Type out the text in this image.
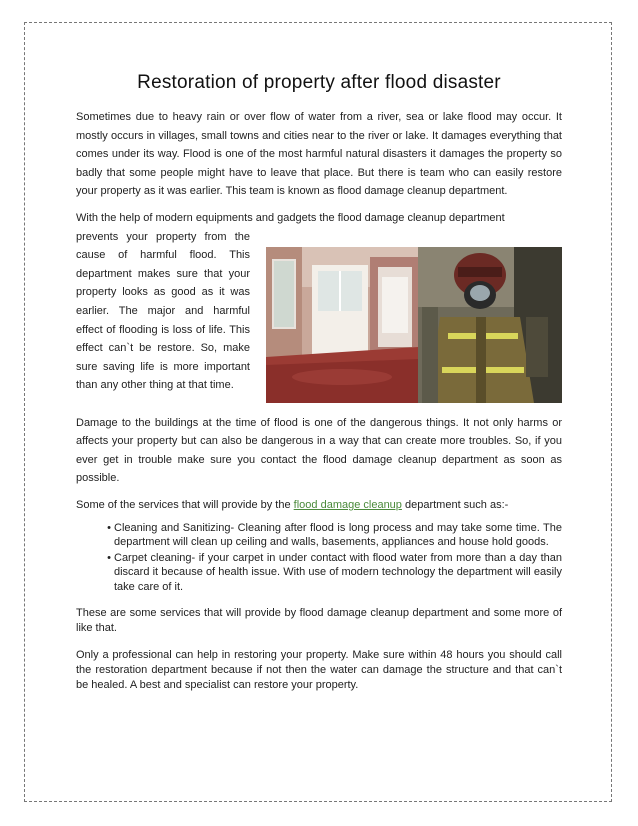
Restoration of property after flood disaster

Sometimes due to heavy rain or over flow of water from a river, sea or lake flood may occur. It mostly occurs in villages, small towns and cities near to the river or lake. It damages everything that comes under its way. Flood is one of the most harmful natural disasters it damages the property so badly that some people might have to leave that place. But there is team who can easily restore your property as it was earlier. This team is known as flood damage cleanup department.

With the help of modern equipments and gadgets the flood damage cleanup department

prevents your property from the cause of harmful flood. This department makes sure that your property looks as good as it was earlier. The major and harmful effect of flooding is loss of life. This effect can`t be restore. So, make sure saving life is more important than any other thing at that time.

Damage to the buildings at the time of flood is one of the dangerous things. It not only harms or affects your property but can also be dangerous in a way that can create more troubles. So, if you ever get in trouble make sure you contact the flood damage cleanup department as soon as possible.

Some of the services that will provide by the flood damage cleanup department such as:-

• Cleaning and Sanitizing- Cleaning after flood is long process and may take some time. The department will clean up ceiling and walls, basements, appliances and house hold goods.
• Carpet cleaning- if your carpet in under contact with flood water from more than a day than discard it because of health issue. With use of modern technology the department will easily take care of it.

These are some services that will provide by flood damage cleanup department and some more of like that.

Only a professional can help in restoring your property. Make sure within 48 hours you should call the restoration department because if not then the water can damage the structure and that can`t be healed. A best and specialist can restore your property.
